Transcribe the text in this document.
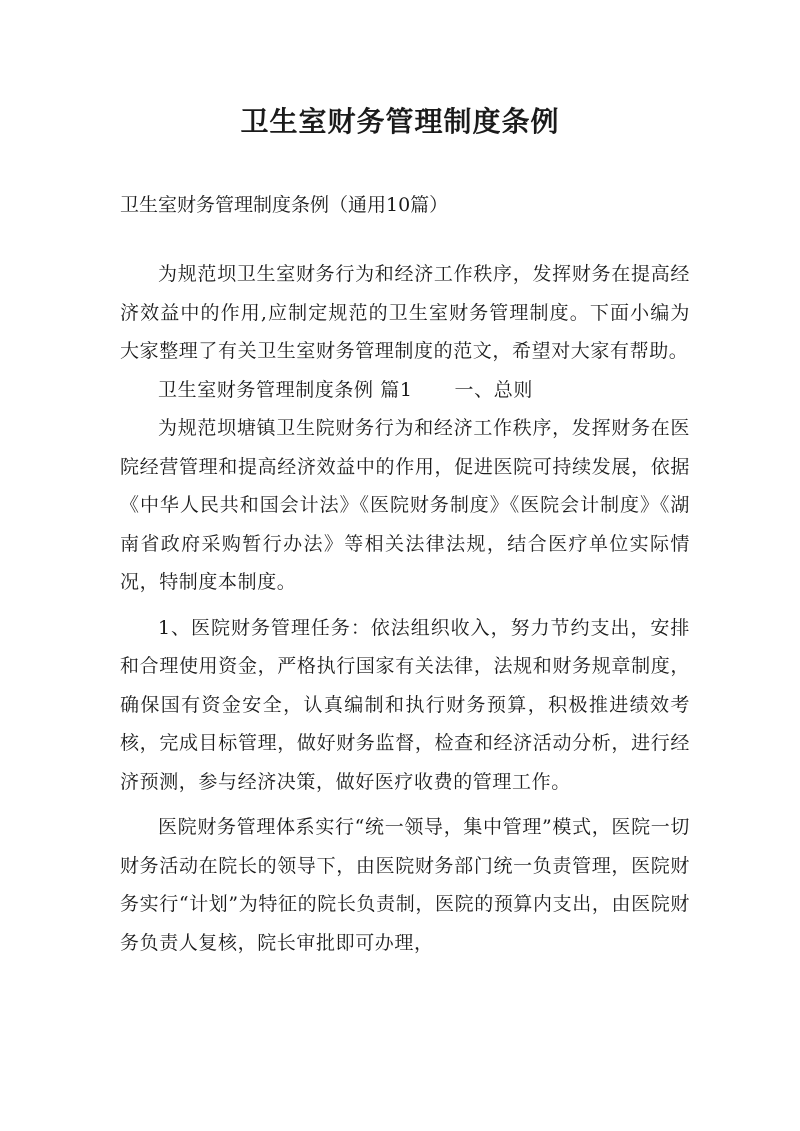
卫生室财务管理制度条例

卫生室财务管理制度条例（通用10篇）

为规范坝卫生室财务行为和经济工作秩序，发挥财务在提高经济效益中的作用,应制定规范的卫生室财务管理制度。下面小编为大家整理了有关卫生室财务管理制度的范文，希望对大家有帮助。

卫生室财务管理制度条例 篇1 一、总则

为规范坝塘镇卫生院财务行为和经济工作秩序，发挥财务在医院经营管理和提高经济效益中的作用，促进医院可持续发展，依据《中华人民共和国会计法》《医院财务制度》《医院会计制度》《湖南省政府采购暂行办法》等相关法律法规，结合医疗单位实际情况，特制度本制度。

1、医院财务管理任务：依法组织收入，努力节约支出，安排和合理使用资金，严格执行国家有关法律，法规和财务规章制度，确保国有资金安全，认真编制和执行财务预算，积极推进绩效考核，完成目标管理，做好财务监督，检查和经济活动分析，进行经济预测，参与经济决策，做好医疗收费的管理工作。

医院财务管理体系实行“统一领导，集中管理”模式，医院一切财务活动在院长的领导下，由医院财务部门统一负责管理，医院财务实行“计划”为特征的院长负责制，医院的预算内支出，由医院财务负责人复核，院长审批即可办理，
